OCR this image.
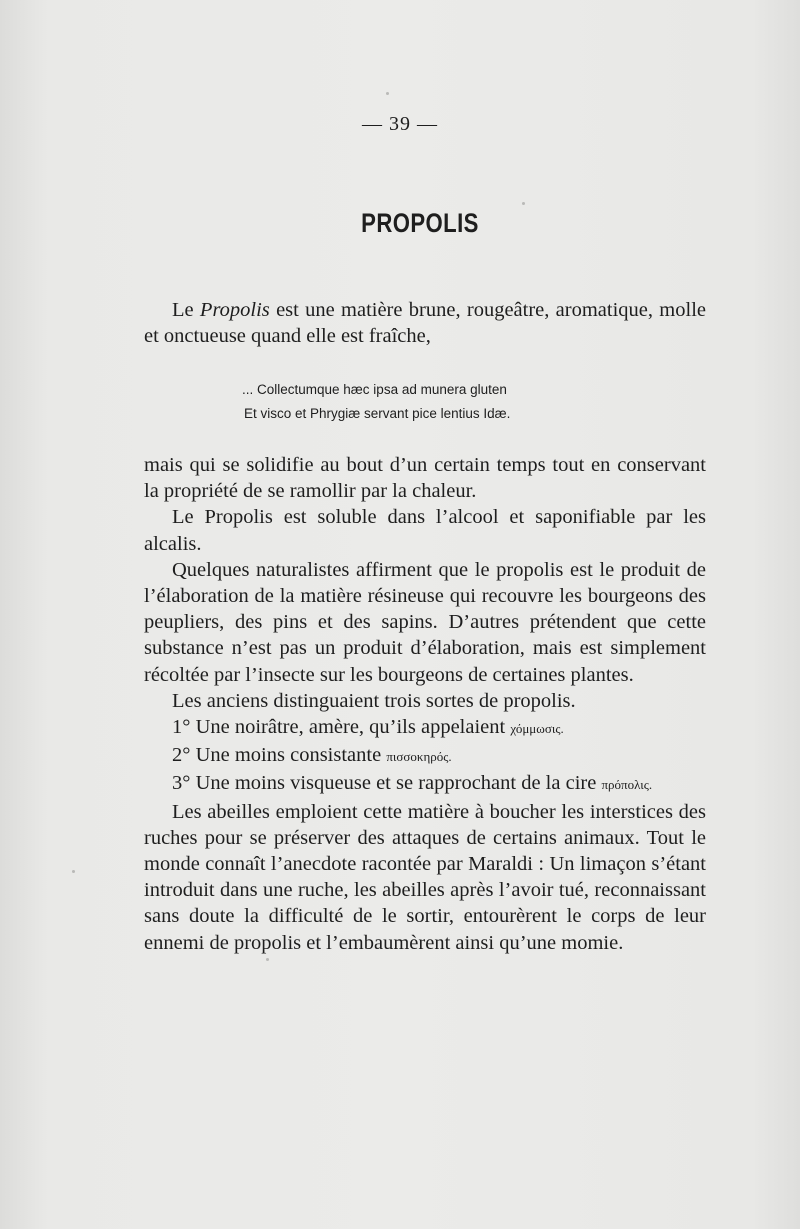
— 39 —
PROPOLIS

Le Propolis est une matière brune, rougeâtre, aromatique, molle et onctueuse quand elle est fraîche,

... Collectumque hæc ipsa ad munera gluten
Et visco et Phrygiæ servant pice lentius Idæ.

mais qui se solidifie au bout d’un certain temps tout en conservant la propriété de se ramollir par la chaleur.

Le Propolis est soluble dans l’alcool et saponifiable par les alcalis.

Quelques naturalistes affirment que le propolis est le produit de l’élaboration de la matière résineuse qui recouvre les bourgeons des peupliers, des pins et des sapins. D’autres prétendent que cette substance n’est pas un produit d’élaboration, mais est simplement récoltée par l’insecte sur les bourgeons de certaines plantes.

Les anciens distinguaient trois sortes de propolis.

1° Une noirâtre, amère, qu’ils appelaient χόμμωσις.

2° Une moins consistante πισσοκηρός.

3° Une moins visqueuse et se rapprochant de la cire πρόπολις.

Les abeilles emploient cette matière à boucher les interstices des ruches pour se préserver des attaques de certains animaux. Tout le monde connaît l’anecdote racontée par Maraldi : Un limaçon s’étant introduit dans une ruche, les abeilles après l’avoir tué, reconnaissant sans doute la difficulté de le sortir, entourèrent le corps de leur ennemi de propolis et l’embaumèrent ainsi qu’une momie.
